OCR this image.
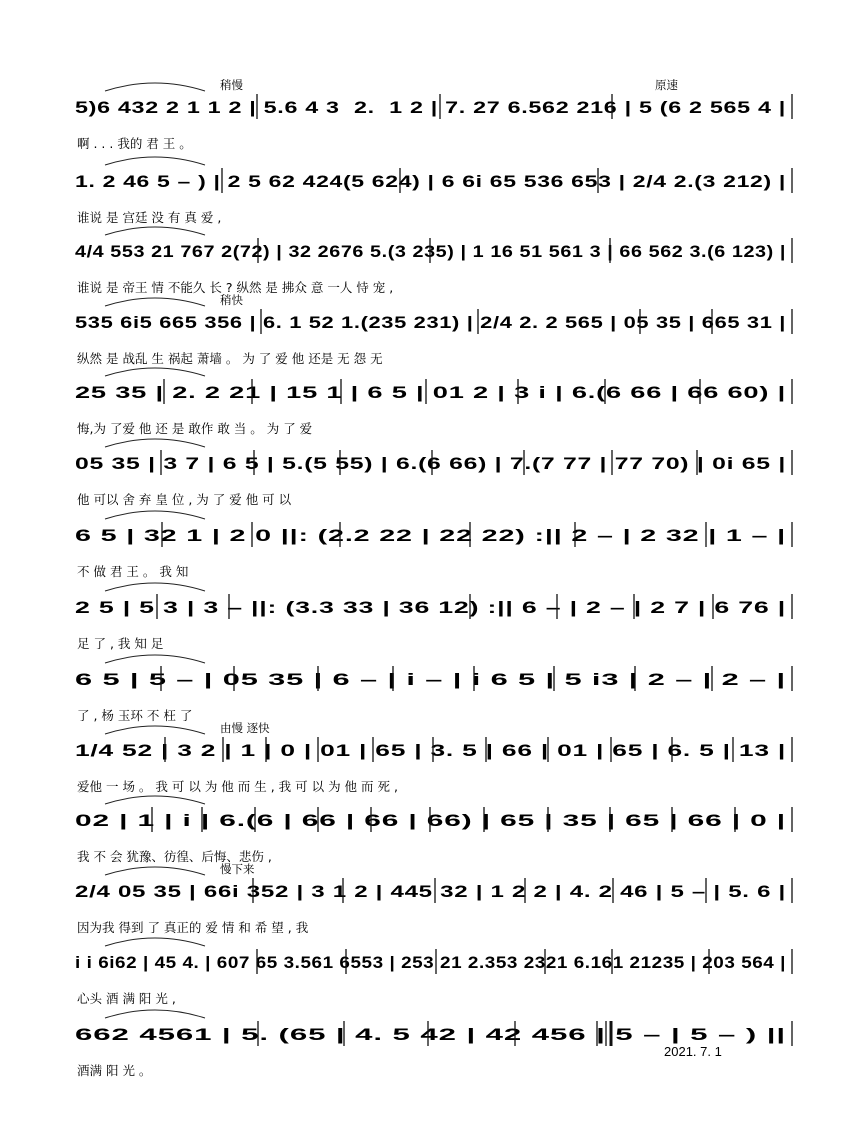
稍慢	原速
5)6 432 2 1 1 2 | 5.6 4 3  2.  1 2 | 7. 27 6.562 216 | 5 (6 2 565 4 |
啊 . . . 我的 君 王 。
1. 2 46 5 – ) | 2 5 62 424(5 624) | 6 6i 65 536 653 | 2/4 2.(3 212) |
谁说 是 宫廷 没 有 真 爱 ,
4/4 553 21 767 2(72) | 32 2676 5.(3 235) | 1 16 51 561 3 | 66 562 3.(6 123) |
谁说 是 帝王 情 不能久 长 ? 纵然 是 拂众 意 一人 恃 宠 ,
稍快
535 6i5 665 356 | 6. 1 52 1.(235 231) | 2/4 2. 2 565 | 05 35 | 665 31 |
纵然 是 战乱 生 祸起 萧墙 。 为 了 爱 他 还是 无 怨 无
25 35 | 2. 2 21 | 15 1 | 6 5 | 01 2 | 3 i | 6.(6 66 | 66 60) |
悔,为 了爱 他 还 是 敢作 敢 当 。 为 了 爱
05 35 | 3 7 | 6 5 | 5.(5 55) | 6.(6 66) | 7.(7 77 | 77 70) | 0i 65 |
他 可以 舍 弃 皇 位 , 为 了 爱 他 可 以
6 5 | 32 1 | 2 0 ||: (2.2 22 | 22 22) :|| 2 – | 2 32 | 1 – |
不 做 君 王 。 我 知
2 5 | 5 3 | 3 – ||: (3.3 33 | 36 12) :|| 6 – | 2 – | 2 7 | 6 76 |
足 了 , 我 知 足
6 5 | 5 – | 05 35 | 6 – | i – | i 6 5 | 5 i3 | 2 – | 2 – |
了 , 杨 玉环 不 枉 了
由慢 逐快
1/4 52 | 3 2 | 1 | 0 | 01 | 65 | 3. 5 | 66 | 01 | 65 | 6. 5 | 13 |
爱他 一 场 。 我 可 以 为 他 而 生 , 我 可 以 为 他 而 死 ,
02 | 1 | i | 6.(6 | 66 | 66 | 66) | 65 | 35 | 65 | 66 | 0 |
我 不 会 犹豫、彷徨、后悔、悲伤 ,
慢下来
2/4 05 35 | 66i 352 | 3 1 2 | 445 32 | 1 2 2 | 4. 2 46 | 5 – | 5. 6 |
因为我 得到 了 真正的 爱 情 和 希 望 , 我
i i 6i62 | 45 4. | 607 65 3.561 6553 | 253 21 2.353 2321 6.161 21235 | 203 564 |
心头 酒 满 阳 光 ,
662 4561 | 5. (65 | 4. 5 42 | 42 456 | 5 – | 5 – ) ||
酒满 阳 光 。
2021. 7. 1
